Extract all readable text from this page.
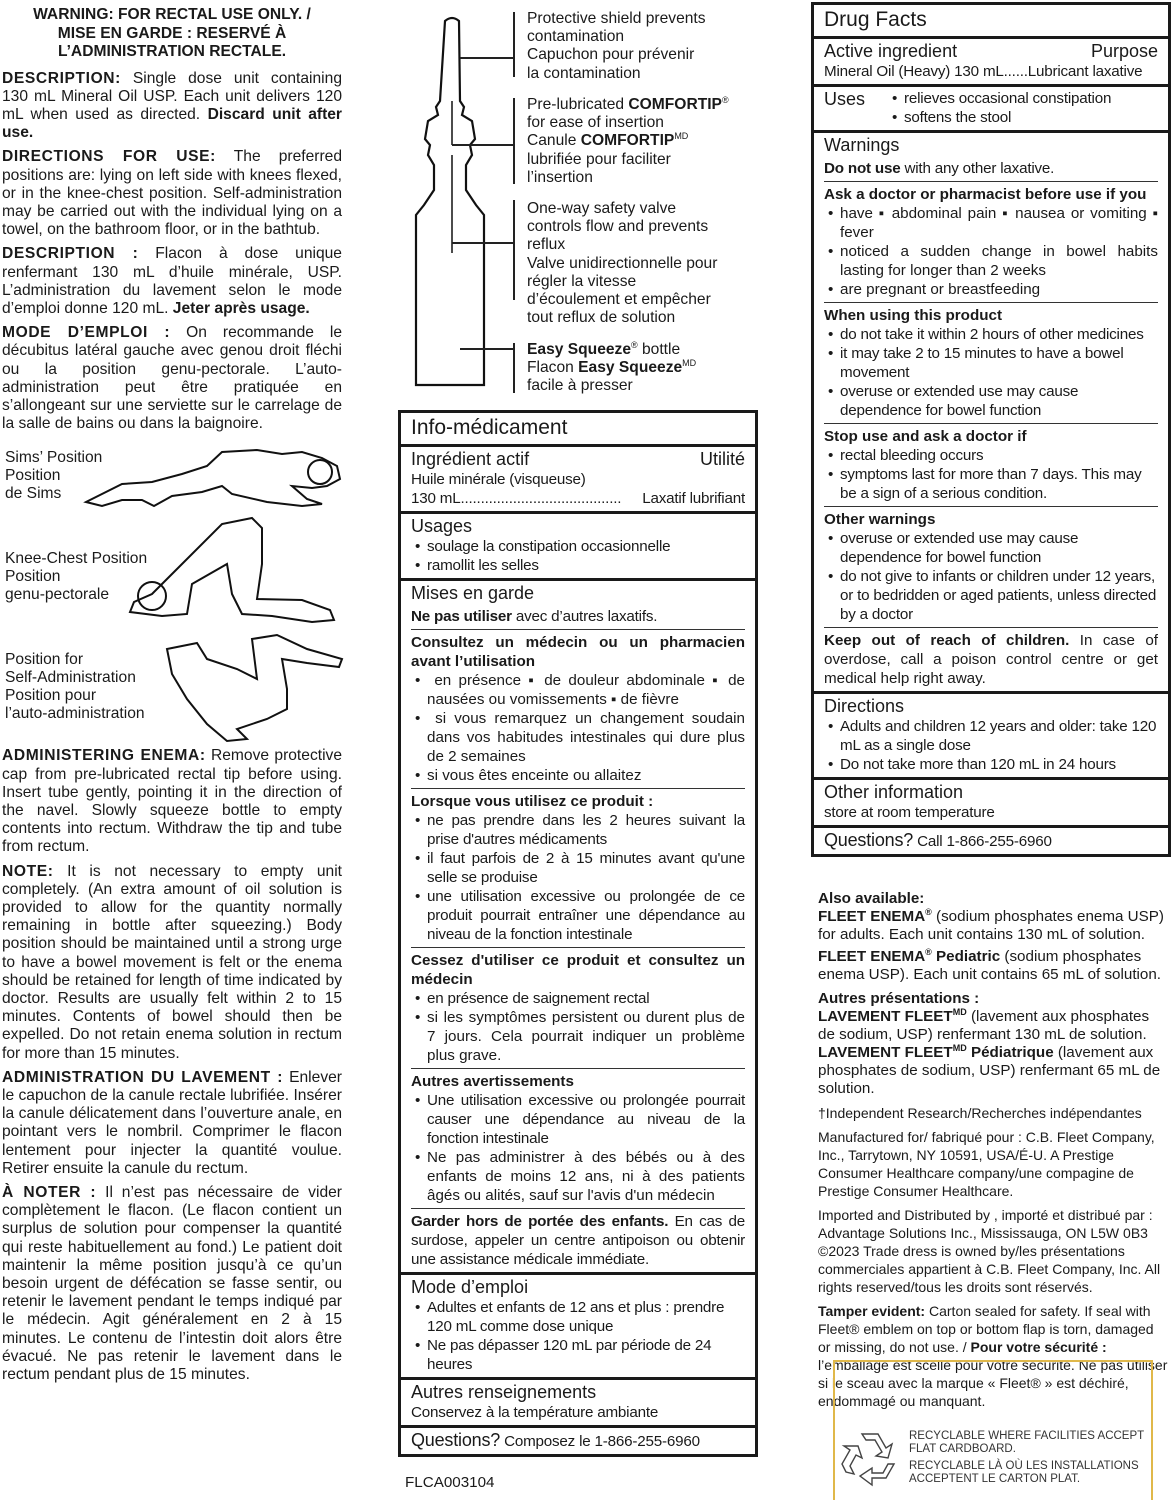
WARNING: FOR RECTAL USE ONLY. /
MISE EN GARDE : RESERVÉ À
L’ADMINISTRATION RECTALE.

DESCRIPTION: Single dose unit containing 130 mL Mineral Oil USP. Each unit delivers 120 mL when used as directed. Discard unit after use.

DIRECTIONS FOR USE: The preferred positions are: lying on left side with knees flexed, or in the knee-chest position. Self-administration may be carried out with the individual lying on a towel, on the bathroom floor, or in the bathtub.

DESCRIPTION : Flacon à dose unique renfermant 130 mL d’huile minérale, USP. L’administration du lavement selon le mode d’emploi donne 120 mL. Jeter après usage.

MODE D’EMPLOI : On recommande le décubitus latéral gauche avec genou droit fléchi ou la position genu-pectorale. L’auto-administration peut être pratiquée en s’allongeant sur une serviette sur le carrelage de la salle de bains ou dans la baignoire.

Sims’ Position
Position
de Sims
Knee-Chest Position
Position
genu-pectorale
Position for
Self-Administration
Position pour
l’auto-administration

ADMINISTERING ENEMA: Remove protective cap from pre-lubricated rectal tip before using. Insert tube gently, pointing it in the direction of the navel. Slowly squeeze bottle to empty contents into rectum. Withdraw the tip and tube from rectum.

NOTE: It is not necessary to empty unit completely. (An extra amount of oil solution is provided to allow for the quantity normally remaining in bottle after squeezing.) Body position should be maintained until a strong urge to have a bowel movement is felt or the enema should be retained for length of time indicated by doctor. Results are usually felt within 2 to 15 minutes. Contents of bowel should then be expelled. Do not retain enema solution in rectum for more than 15 minutes.

ADMINISTRATION DU LAVEMENT : Enlever le capuchon de la canule rectale lubrifiée. Insérer la canule délicatement dans l’ouverture anale, en pointant vers le nombril. Comprimer le flacon lentement pour injecter la quantité voulue. Retirer ensuite la canule du rectum.

À NOTER : Il n’est pas nécessaire de vider complètement le flacon. (Le flacon contient un surplus de solution pour compenser la quantité qui reste habituellement au fond.) Le patient doit maintenir la même position jusqu’à ce qu’un besoin urgent de défécation se fasse sentir, ou retenir le lavement pendant le temps indiqué par le médecin. Agit généralement en 2 à 15 minutes. Le contenu de l’intestin doit alors être évacué. Ne pas retenir le lavement dans le rectum pendant plus de 15 minutes.

Protective shield prevents
contamination
Capuchon pour prévenir
la contamination
Pre-lubricated COMFORTIP®
for ease of insertion
Canule $COMFORTIP^{MD}$
lubrifiée pour faciliter
l’insertion
One-way safety valve
controls flow and prevents
reflux
Valve unidirectionnelle pour
régler la vitesse
d’écoulement et empêcher
tout reflux de solution
Easy Squeeze® bottle
Flacon Easy Squeeze$^{MD}$
facile à presser
Info-médicament
Ingrédient actif	Utilité
Huile minérale (visqueuse)
130 mL ........................................	Laxatif lubrifiant
Usages
• soulage la constipation occasionnelle
• ramollit les selles
Mises en garde
Ne pas utiliser avec d’autres laxatifs.
Consultez un médecin ou un pharmacien avant l’utilisation
• en présence ▪ de douleur abdominale ▪ de nausées ou vomissements ▪ de fièvre
• si vous remarquez un changement soudain dans vos habitudes intestinales qui dure plus de 2 semaines
• si vous êtes enceinte ou allaitez
Lorsque vous utilisez ce produit :
• ne pas prendre dans les 2 heures suivant la prise d'autres médicaments
• il faut parfois de 2 à 15 minutes avant qu'une selle se produise
• une utilisation excessive ou prolongée de ce produit pourrait entraîner une dépendance au niveau de la fonction intestinale
Cessez d'utiliser ce produit et consultez un médecin
• en présence de saignement rectal
• si les symptômes persistent ou durent plus de 7 jours. Cela pourrait indiquer un problème plus grave.
Autres avertissements
• Une utilisation excessive ou prolongée pourrait causer une dépendance au niveau de la fonction intestinale
• Ne pas administrer à des bébés ou à des enfants de moins 12 ans, ni à des patients âgés ou alités, sauf sur l'avis d'un médecin
Garder hors de portée des enfants. En cas de surdose, appeler un centre antipoison ou obtenir une assistance médicale immédiate.
Mode d’emploi
• Adultes et enfants de 12 ans et plus : prendre 120 mL comme dose unique
• Ne pas dépasser 120 mL par période de 24 heures
Autres renseignements
Conservez à la température ambiante
Questions? Composez le 1-866-255-6960
FLCA003104
Drug Facts
Active ingredient	Purpose
Mineral Oil (Heavy) 130 mL......Lubricant laxative
Uses	• relieves occasional constipation
• softens the stool
Warnings
Do not use with any other laxative.
Ask a doctor or pharmacist before use if you
• have ▪ abdominal pain ▪ nausea or vomiting ▪ fever
• noticed a sudden change in bowel habits lasting for longer than 2 weeks
• are pregnant or breastfeeding
When using this product
• do not take it within 2 hours of other medicines
• it may take 2 to 15 minutes to have a bowel movement
• overuse or extended use may cause dependence for bowel function
Stop use and ask a doctor if
• rectal bleeding occurs
• symptoms last for more than 7 days. This may be a sign of a serious condition.
Other warnings
• overuse or extended use may cause dependence for bowel function
• do not give to infants or children under 12 years, or to bedridden or aged patients, unless directed by a doctor
Keep out of reach of children. In case of overdose, call a poison control centre or get medical help right away.
Directions
• Adults and children 12 years and older: take 120 mL as a single dose
• Do not take more than 120 mL in 24 hours
Other information
store at room temperature
Questions? Call 1-866-255-6960

Also available:
FLEET ENEMA® (sodium phosphates enema USP) for adults. Each unit contains 130 mL of solution.

FLEET ENEMA® Pediatric (sodium phosphates enema USP). Each unit contains 65 mL of solution.

Autres présentations :
LAVEMENT $FLEET^{MD}$ (lavement aux phosphates de sodium, USP) renfermant 130 mL de solution.
LAVEMENT $FLEET^{MD}$ Pédiatrique (lavement aux phosphates de sodium, USP) renfermant 65 mL de solution.

†Independent Research/Recherches indépendantes

Manufactured for/ fabriqué pour : C.B. Fleet Company, Inc., Tarrytown, NY 10591, USA/É-U. A Prestige Consumer Healthcare company/une compagine de Prestige Consumer Healthcare.

Imported and Distributed by , importé et distribué par : Advantage Solutions Inc., Mississauga, ON L5W 0B3 ©2023 Trade dress is owned by/les présentations commerciales appartient à C.B. Fleet Company, Inc. All rights reserved/tous les droits sont réservés.

Tamper evident: Carton sealed for safety. If seal with Fleet® emblem on top or bottom flap is torn, damaged or missing, do not use. / Pour votre sécurité : l’emballage est scellé pour votre sécurité. Ne pas utiliser si le sceau avec la marque « Fleet® » est déchiré, endommagé ou manquant.

RECYCLABLE WHERE FACILITIES ACCEPT FLAT CARDBOARD.

RECYCLABLE LÀ OÙ LES INSTALLATIONS ACCEPTENT LE CARTON PLAT.
